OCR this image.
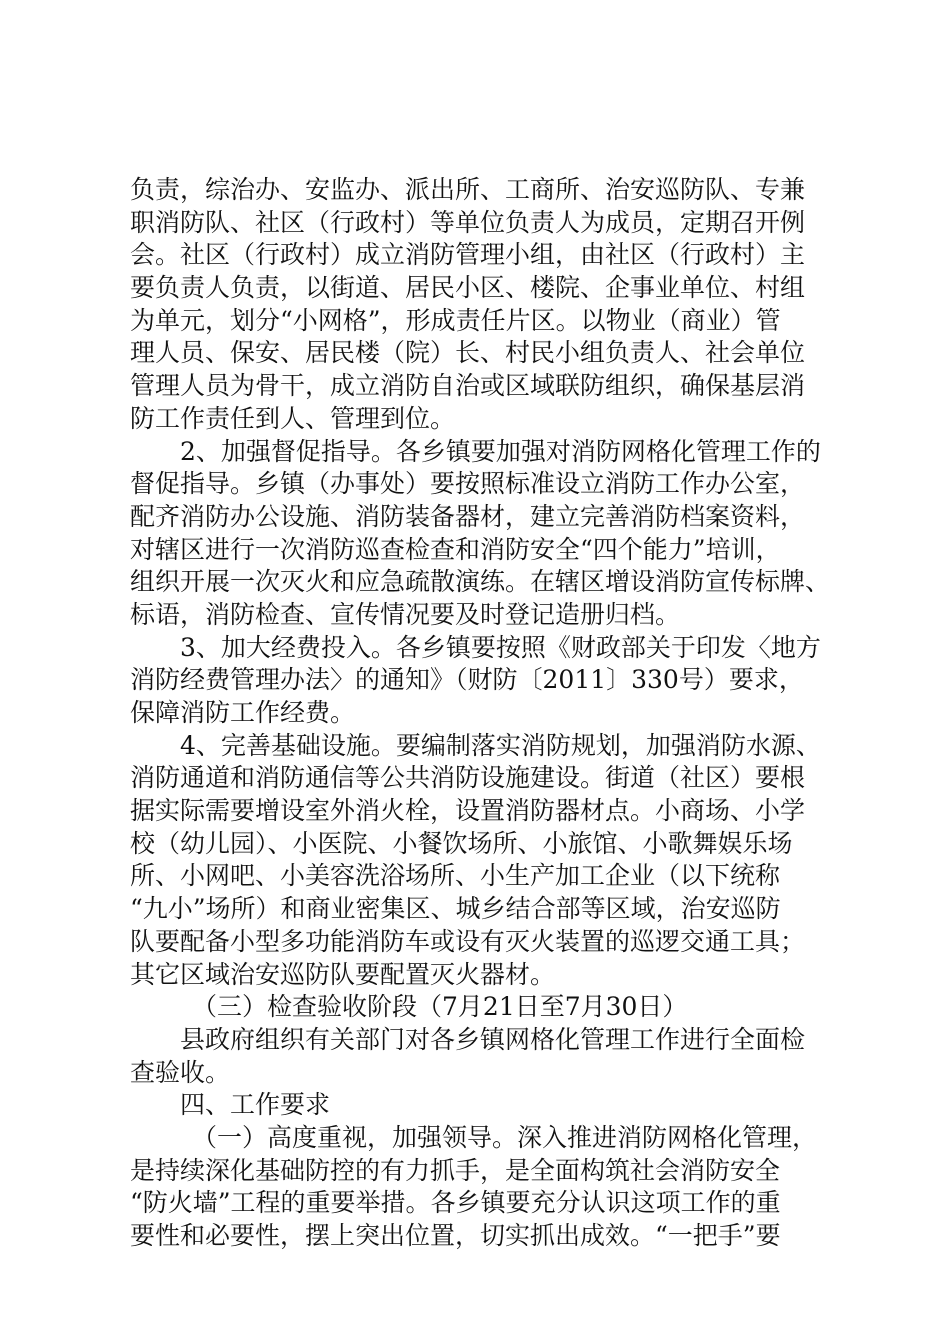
负责，综治办、安监办、派出所、工商所、治安巡防队、专兼
职消防队、社区（行政村）等单位负责人为成员，定期召开例
会。社区（行政村）成立消防管理小组，由社区（行政村）主
要负责人负责，以街道、居民小区、楼院、企事业单位、村组
为单元，划分“小网格”，形成责任片区。以物业（商业）管
理人员、保安、居民楼（院）长、村民小组负责人、社会单位
管理人员为骨干，成立消防自治或区域联防组织，确保基层消
防工作责任到人、管理到位。
2、加强督促指导。各乡镇要加强对消防网格化管理工作的
督促指导。乡镇（办事处）要按照标准设立消防工作办公室，
配齐消防办公设施、消防装备器材，建立完善消防档案资料，
对辖区进行一次消防巡查检查和消防安全“四个能力”培训，
组织开展一次灭火和应急疏散演练。在辖区增设消防宣传标牌、
标语，消防检查、宣传情况要及时登记造册归档。
3、加大经费投入。各乡镇要按照《财政部关于印发〈地方
消防经费管理办法〉的通知》（财防〔2011〕330号）要求，
保障消防工作经费。
4、完善基础设施。要编制落实消防规划，加强消防水源、
消防通道和消防通信等公共消防设施建设。街道（社区）要根
据实际需要增设室外消火栓，设置消防器材点。小商场、小学
校（幼儿园）、小医院、小餐饮场所、小旅馆、小歌舞娱乐场
所、小网吧、小美容洗浴场所、小生产加工企业（以下统称
“九小”场所）和商业密集区、城乡结合部等区域，治安巡防
队要配备小型多功能消防车或设有灭火装置的巡逻交通工具；
其它区域治安巡防队要配置灭火器材。
（三）检查验收阶段（7月21日至7月30日）
县政府组织有关部门对各乡镇网格化管理工作进行全面检
查验收。
四、工作要求
（一）高度重视，加强领导。深入推进消防网格化管理，
是持续深化基础防控的有力抓手，是全面构筑社会消防安全
“防火墙”工程的重要举措。各乡镇要充分认识这项工作的重
要性和必要性，摆上突出位置，切实抓出成效。“一把手”要
